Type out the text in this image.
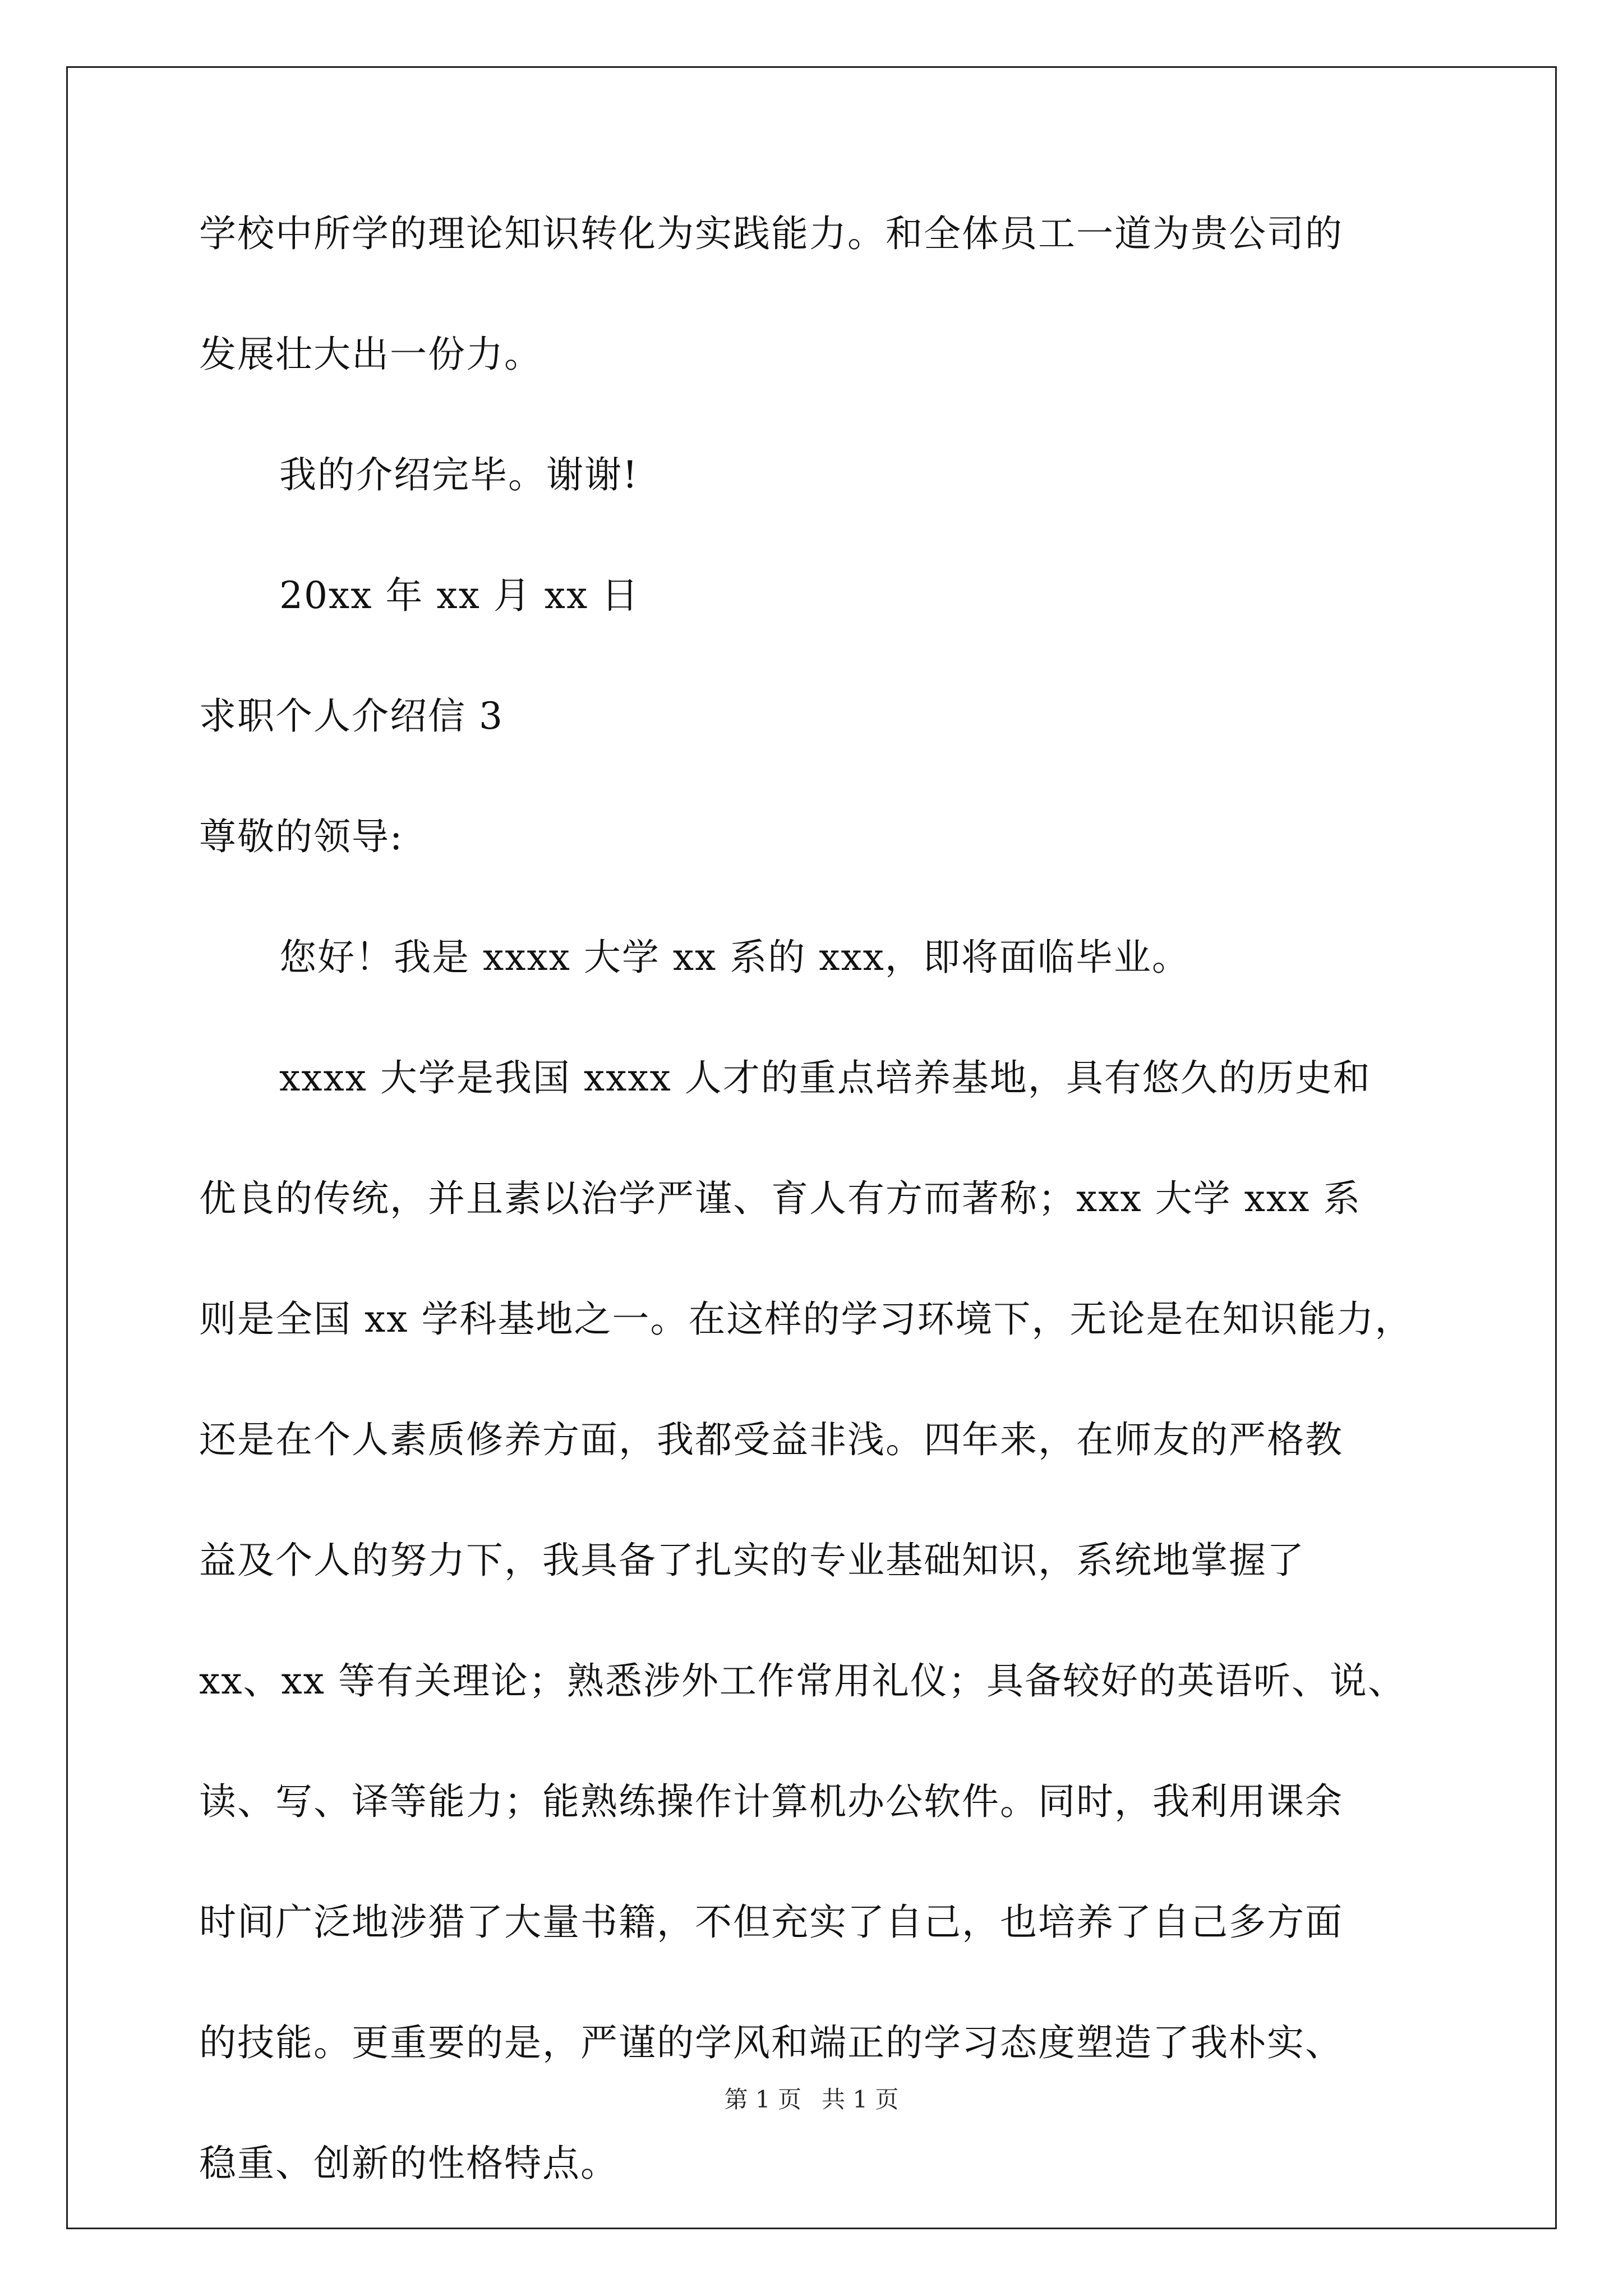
学校中所学的理论知识转化为实践能力。和全体员工一道为贵公司的
发展壮大出一份力。
我的介绍完毕。谢谢!
20xx 年 xx 月 xx 日
求职个人介绍信 3
尊敬的领导:
您好！我是 xxxx 大学 xx 系的 xxx，即将面临毕业。
xxxx 大学是我国 xxxx 人才的重点培养基地，具有悠久的历史和
优良的传统，并且素以治学严谨、育人有方而著称；xxx 大学 xxx 系
则是全国 xx 学科基地之一。在这样的学习环境下，无论是在知识能力，
还是在个人素质修养方面，我都受益非浅。四年来，在师友的严格教
益及个人的努力下，我具备了扎实的专业基础知识，系统地掌握了
xx、xx 等有关理论；熟悉涉外工作常用礼仪；具备较好的英语听、说、
读、写、译等能力；能熟练操作计算机办公软件。同时，我利用课余
时间广泛地涉猎了大量书籍，不但充实了自己，也培养了自己多方面
的技能。更重要的是，严谨的学风和端正的学习态度塑造了我朴实、
稳重、创新的性格特点。
第 1 页 共 1 页
